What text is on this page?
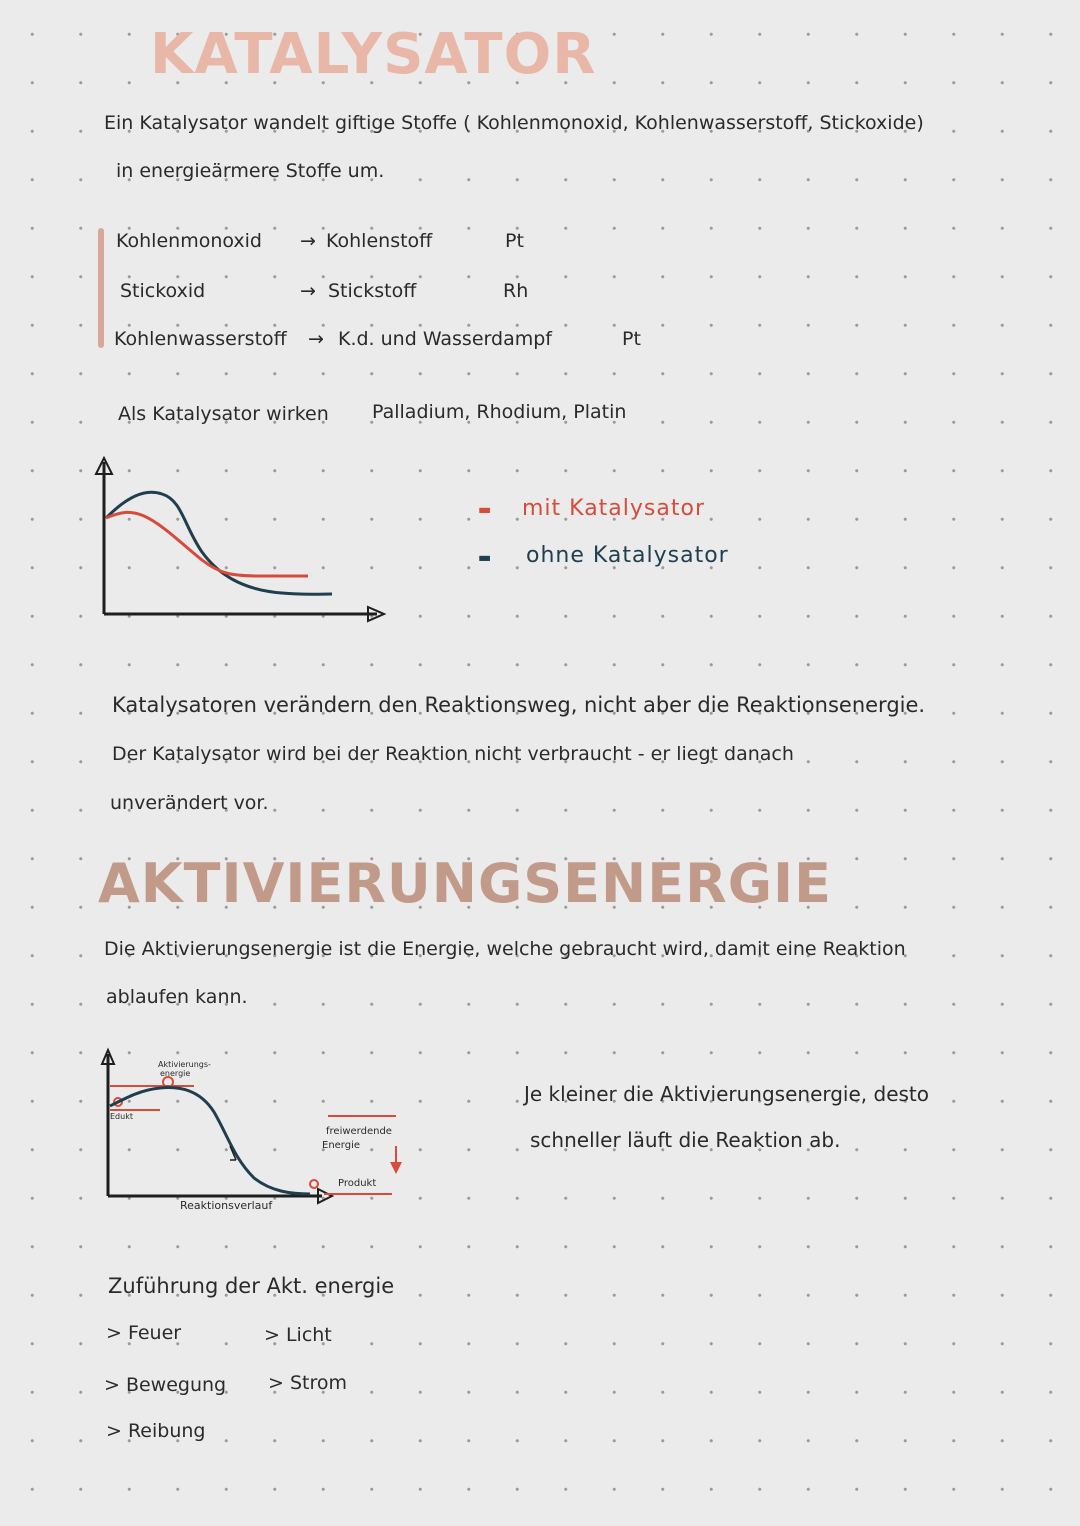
KATALYSATOR
Ein Katalysator wandelt giftige Stoffe ( Kohlenmonoxid, Kohlenwasserstoff, Stickoxide)
in energieärmere Stoffe um.
Kohlenmonoxid → Kohlenstoff	Pt
Stickoxid	→ Stickstoff	Rh
Kohlenwasserstoff → K.d. und Wasserdampf	Pt
Als Katalysator wirken Palladium, Rhodium, Platin
▬ mit Katalysator
▬ ohne Katalysator
Katalysatoren verändern den Reaktionsweg, nicht aber die Reaktionsenergie.
Der Katalysator wird bei der Reaktion nicht verbraucht - er liegt danach
unverändert vor.
AKTIVIERUNGSENERGIE
Die Aktivierungsenergie ist die Energie, welche gebraucht wird, damit eine Reaktion
ablaufen kann.
Aktivierungs-
energie
Edukt
freiwerdende
Energie
Produkt
Reaktionsverlauf
Je kleiner die Aktivierungsenergie, desto
schneller läuft die Reaktion ab.
Zuführung der Akt. energie
> Feuer	> Licht
> Bewegung > Strom
> Reibung
